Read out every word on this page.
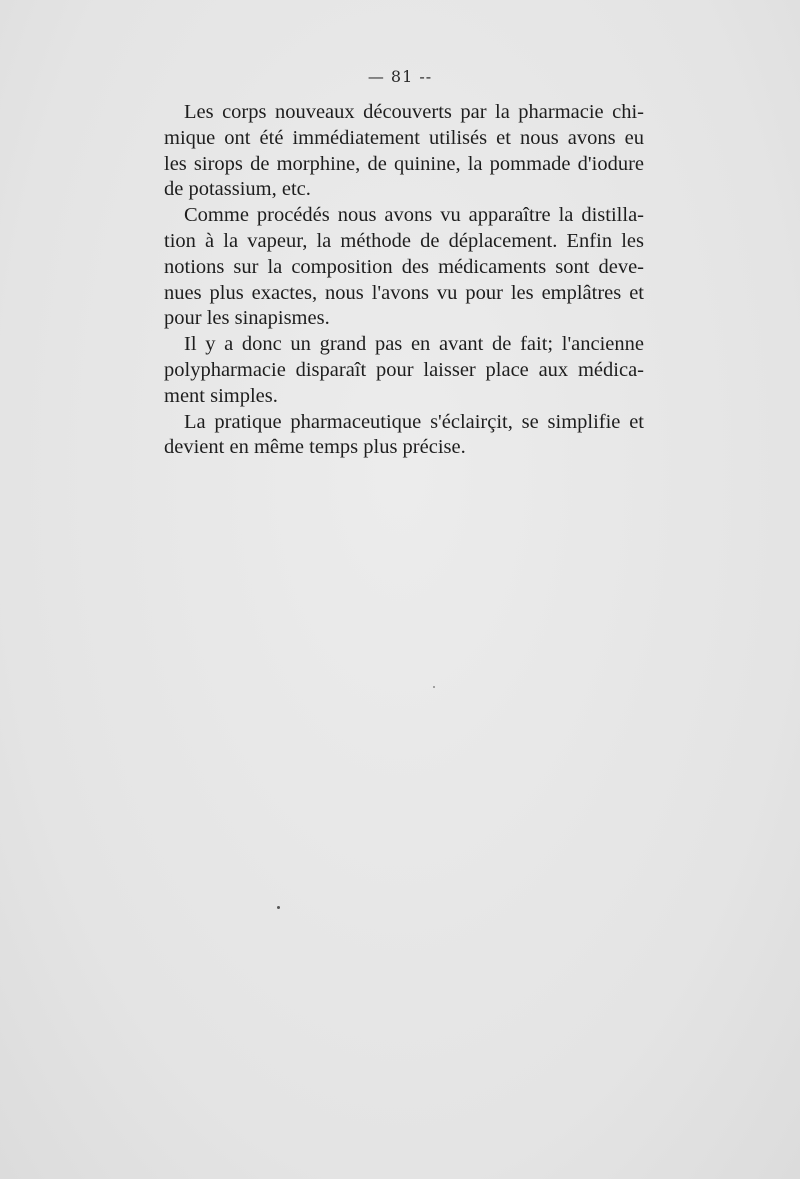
— 81 --
Les corps nouveaux découverts par la pharmacie chi-
mique ont été immédiatement utilisés et nous avons eu
les sirops de morphine, de quinine, la pommade d'iodure
de potassium, etc.
Comme procédés nous avons vu apparaître la distilla-
tion à la vapeur, la méthode de déplacement. Enfin les
notions sur la composition des médicaments sont deve-
nues plus exactes, nous l'avons vu pour les emplâtres et
pour les sinapismes.
Il y a donc un grand pas en avant de fait; l'ancienne
polypharmacie disparaît pour laisser place aux médica-
ment simples.
La pratique pharmaceutique s'éclairçit, se simplifie et
devient en même temps plus précise.
